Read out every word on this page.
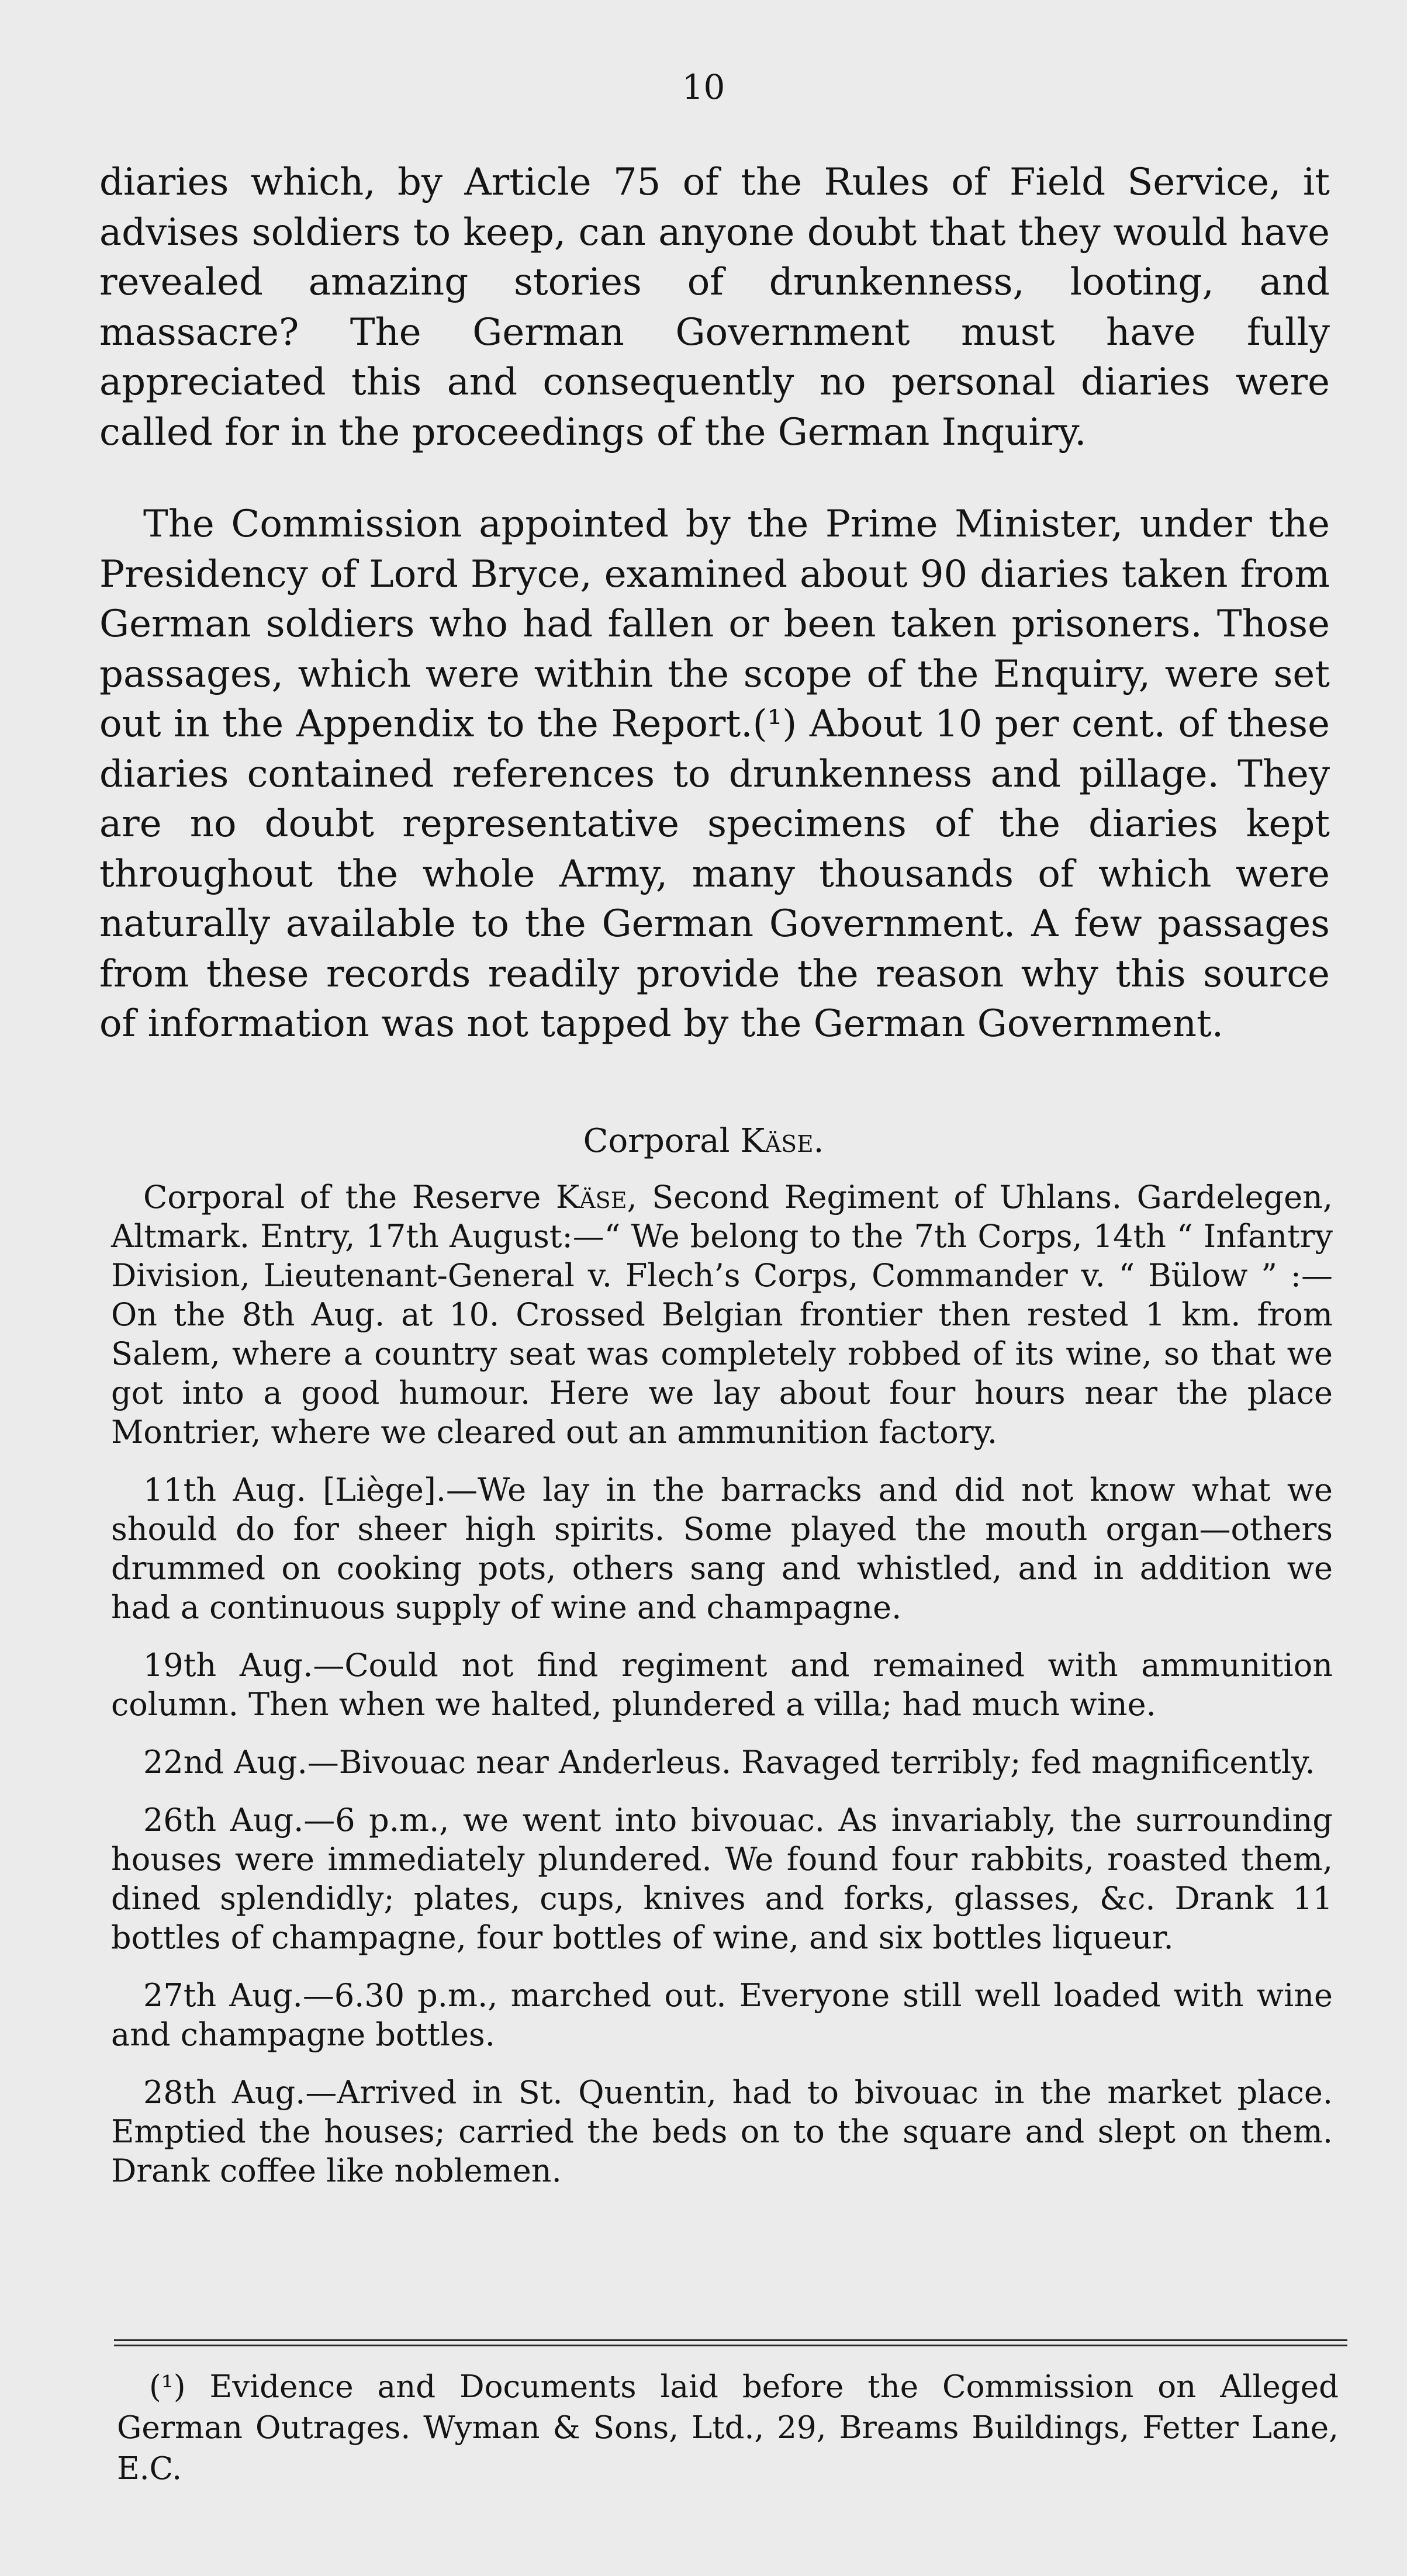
10

diaries which, by Article 75 of the Rules of Field Service, it advises soldiers to keep, can anyone doubt that they would have revealed amazing stories of drunkenness, looting, and massacre? The German Government must have fully appreciated this and consequently no personal diaries were called for in the proceedings of the German Inquiry.

The Commission appointed by the Prime Minister, under the Presidency of Lord Bryce, examined about 90 diaries taken from German soldiers who had fallen or been taken prisoners. Those passages, which were within the scope of the Enquiry, were set out in the Appendix to the Report.(¹) About 10 per cent. of these diaries contained references to drunkenness and pillage. They are no doubt representative specimens of the diaries kept throughout the whole Army, many thousands of which were naturally available to the German Government. A few passages from these records readily provide the reason why this source of information was not tapped by the German Government.

Corporal Käse.

Corporal of the Reserve Käse, Second Regiment of Uhlans. Gardelegen, Altmark. Entry, 17th August:—“ We belong to the 7th Corps, 14th “ Infantry Division, Lieutenant-General v. Flech’s Corps, Commander v. “ Bülow ” :—On the 8th Aug. at 10. Crossed Belgian frontier then rested 1 km. from Salem, where a country seat was completely robbed of its wine, so that we got into a good humour. Here we lay about four hours near the place Montrier, where we cleared out an ammunition factory.

11th Aug. [Liège].—We lay in the barracks and did not know what we should do for sheer high spirits. Some played the mouth organ—others drummed on cooking pots, others sang and whistled, and in addition we had a continuous supply of wine and champagne.

19th Aug.—Could not find regiment and remained with ammunition column. Then when we halted, plundered a villa; had much wine.

22nd Aug.—Bivouac near Anderleus. Ravaged terribly; fed magnificently.

26th Aug.—6 p.m., we went into bivouac. As invariably, the surrounding houses were immediately plundered. We found four rabbits, roasted them, dined splendidly; plates, cups, knives and forks, glasses, &c. Drank 11 bottles of champagne, four bottles of wine, and six bottles liqueur.

27th Aug.—6.30 p.m., marched out. Everyone still well loaded with wine and champagne bottles.

28th Aug.—Arrived in St. Quentin, had to bivouac in the market place. Emptied the houses; carried the beds on to the square and slept on them. Drank coffee like noblemen.

(¹) Evidence and Documents laid before the Commission on Alleged German Outrages. Wyman & Sons, Ltd., 29, Breams Buildings, Fetter Lane, E.C.
